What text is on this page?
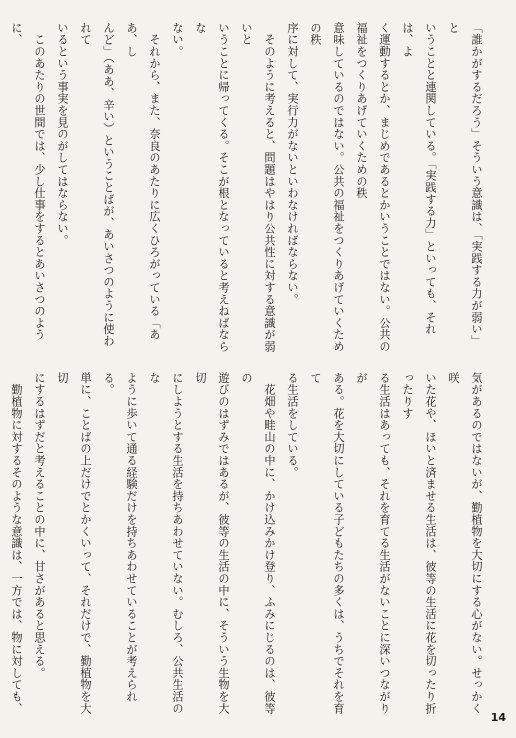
「誰かがするだろう」そういう意識は、「実践する力が弱い」と

いうことと連関している。「実践する力」といっても、それは、よ

く運動するとか、まじめであるとかいうことではない。公共の福祉をつくりあげていくための秩

意味しているのではない。公共の福祉をつくりあげていくための秩

序に対して、実行力がないといわなければならない。

　そのように考えると、問題はやはり公共性に対する意識が弱いと

いうことに帰ってくる。そこが根となっていると考えねばならな

ない。

　それから、また、奈良のあたりに広くひろがっている「ああ、し

んど」（ああ、辛い）ということばが、あいさつのように使われて

いるという事実を見のがしてはならない。

　このあたりの世間では、少し仕事をするとあいさつのように、

気があるのではないが、勤植物を大切にする心がない。せっかく咲

いた花や、ほいと済ませる生活は、彼等の生活に花を切ったり折ったりす

る生活はあっても、それを育てる生活がないことに深いつながりが

ある。花を大切にしている子どもたちの多くは、うちでそれを育て

る生活をしている。

　花畑や畦山の中に、かけ込みかけ登り、ふみにじるのは、彼等の

遊びのはずみではあるが、彼等の生活の中に、そういう生物を大切

にしようとする生活を持ちあわせていない。むしろ、公共生活のな

ように歩いて通る経験だけを持ちあわせていることが考えられる。

単に、ことばの上だけでとかくいって、それだけで、勤植物を大切

にするはずだと考えることの中に、甘さがあると思える。

　勤植物に対するそのような意識は、一方では、物に対しても、

14
